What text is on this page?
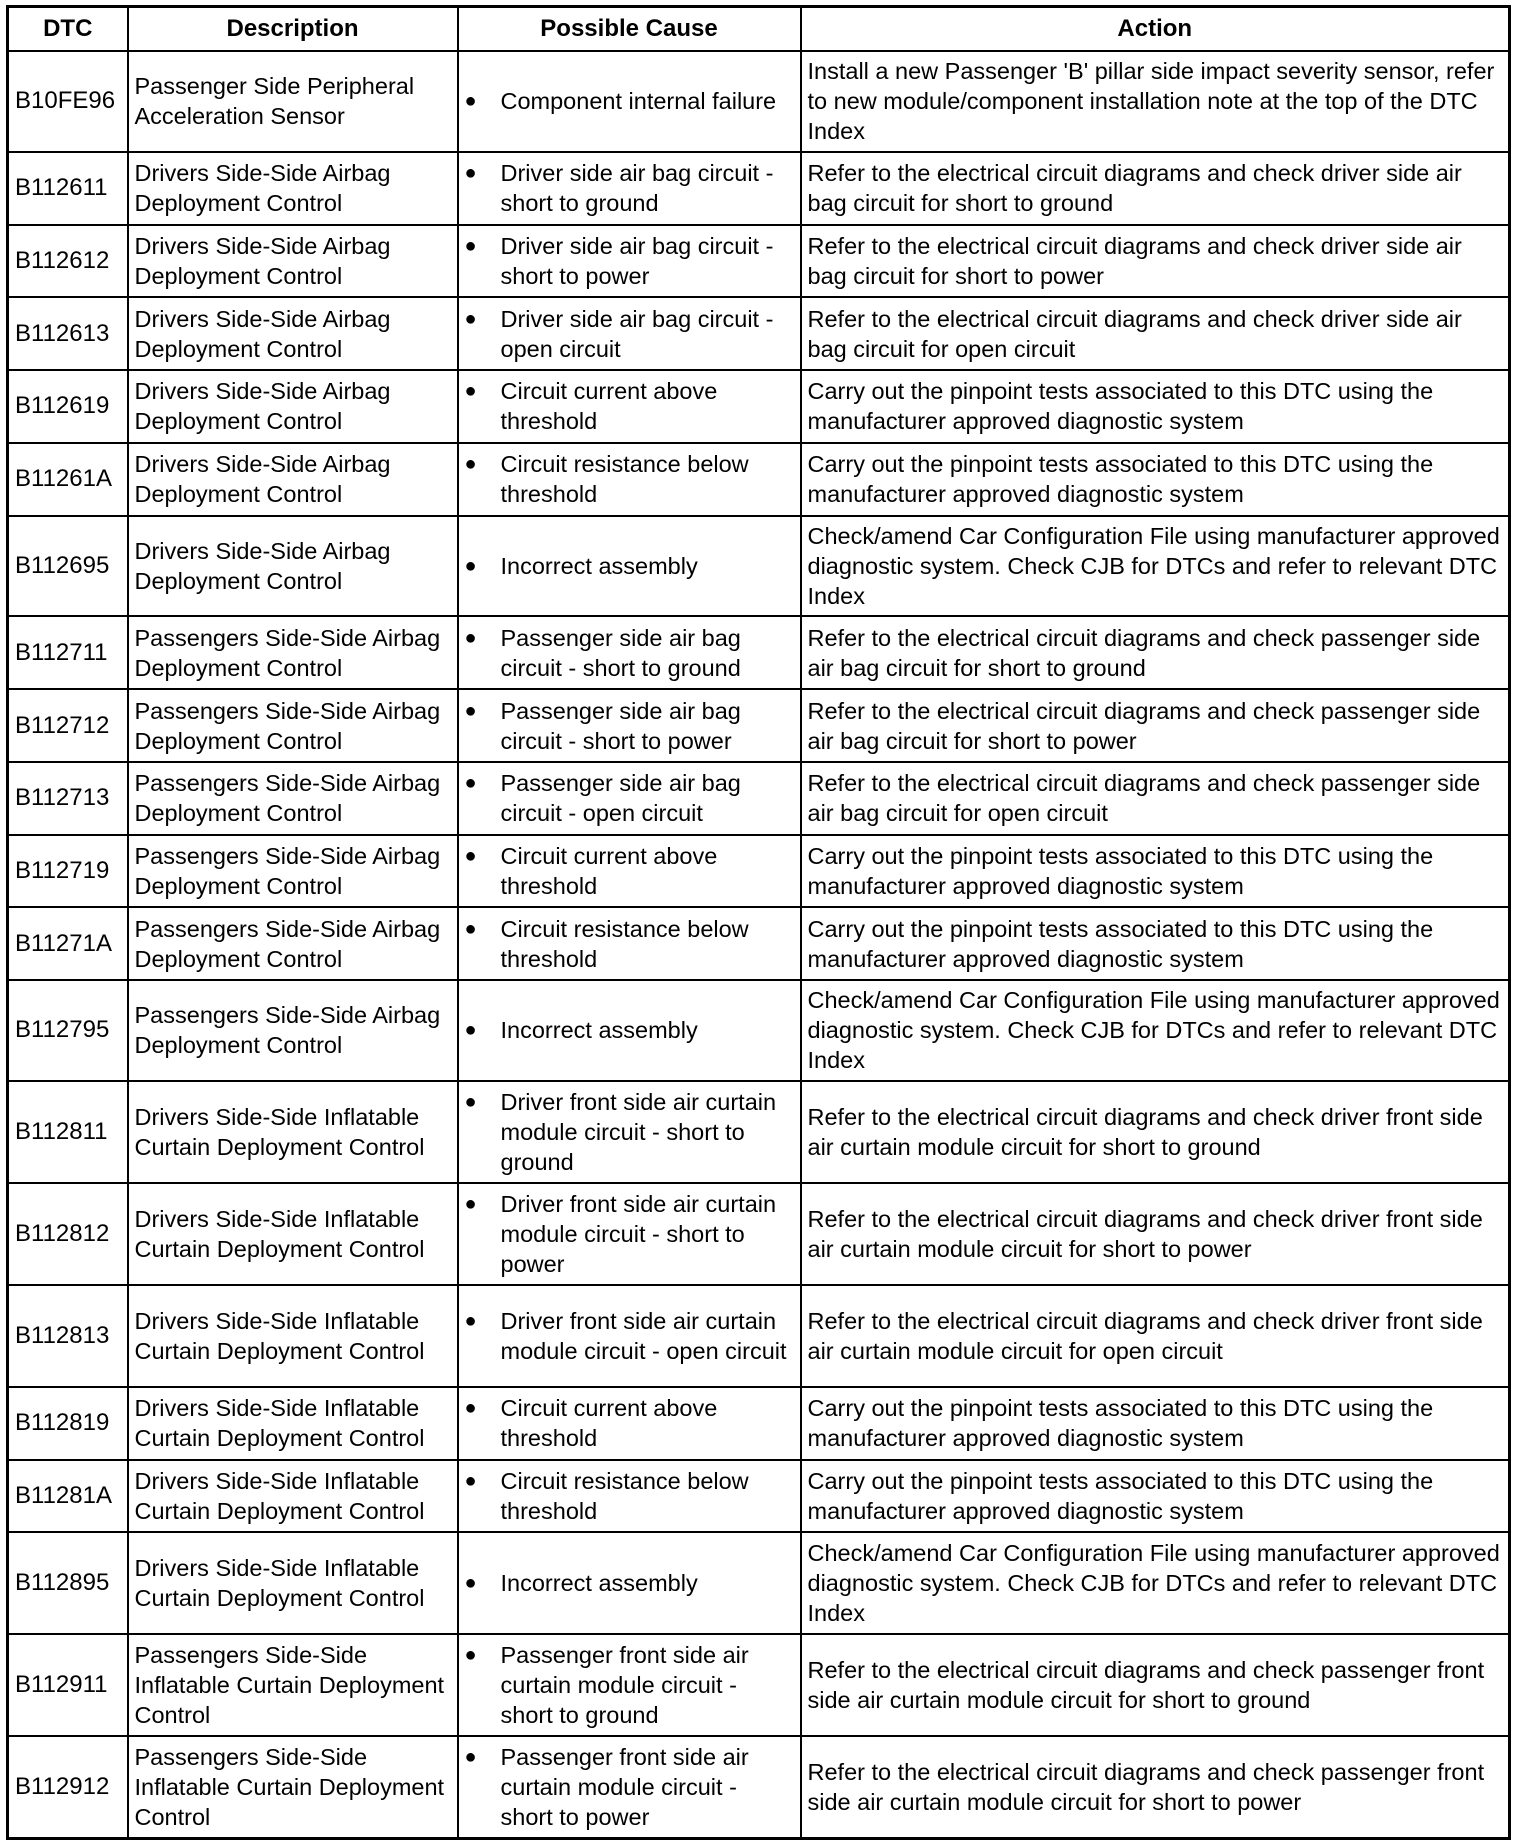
DTC	Description	Possible Cause	Action
B10FE96	Passenger Side Peripheral Acceleration Sensor	● Component internal failure	Install a new Passenger 'B' pillar side impact severity sensor, refer to new module/component installation note at the top of the DTC Index
B112611	Drivers Side-Side Airbag Deployment Control	● Driver side air bag circuit - short to ground	Refer to the electrical circuit diagrams and check driver side air bag circuit for short to ground
B112612	Drivers Side-Side Airbag Deployment Control	● Driver side air bag circuit - short to power	Refer to the electrical circuit diagrams and check driver side air bag circuit for short to power
B112613	Drivers Side-Side Airbag Deployment Control	● Driver side air bag circuit - open circuit	Refer to the electrical circuit diagrams and check driver side air bag circuit for open circuit
B112619	Drivers Side-Side Airbag Deployment Control	● Circuit current above threshold	Carry out the pinpoint tests associated to this DTC using the manufacturer approved diagnostic system
B11261A	Drivers Side-Side Airbag Deployment Control	● Circuit resistance below threshold	Carry out the pinpoint tests associated to this DTC using the manufacturer approved diagnostic system
B112695	Drivers Side-Side Airbag Deployment Control	● Incorrect assembly	Check/amend Car Configuration File using manufacturer approved diagnostic system. Check CJB for DTCs and refer to relevant DTC Index
B112711	Passengers Side-Side Airbag Deployment Control	● Passenger side air bag circuit - short to ground	Refer to the electrical circuit diagrams and check passenger side air bag circuit for short to ground
B112712	Passengers Side-Side Airbag Deployment Control	● Passenger side air bag circuit - short to power	Refer to the electrical circuit diagrams and check passenger side air bag circuit for short to power
B112713	Passengers Side-Side Airbag Deployment Control	● Passenger side air bag circuit - open circuit	Refer to the electrical circuit diagrams and check passenger side air bag circuit for open circuit
B112719	Passengers Side-Side Airbag Deployment Control	● Circuit current above threshold	Carry out the pinpoint tests associated to this DTC using the manufacturer approved diagnostic system
B11271A	Passengers Side-Side Airbag Deployment Control	● Circuit resistance below threshold	Carry out the pinpoint tests associated to this DTC using the manufacturer approved diagnostic system
B112795	Passengers Side-Side Airbag Deployment Control	● Incorrect assembly	Check/amend Car Configuration File using manufacturer approved diagnostic system. Check CJB for DTCs and refer to relevant DTC Index
B112811	Drivers Side-Side Inflatable Curtain Deployment Control	● Driver front side air curtain module circuit - short to ground	Refer to the electrical circuit diagrams and check driver front side air curtain module circuit for short to ground
B112812	Drivers Side-Side Inflatable Curtain Deployment Control	● Driver front side air curtain module circuit - short to power	Refer to the electrical circuit diagrams and check driver front side air curtain module circuit for short to power
B112813	Drivers Side-Side Inflatable Curtain Deployment Control	● Driver front side air curtain module circuit - open circuit	Refer to the electrical circuit diagrams and check driver front side air curtain module circuit for open circuit
B112819	Drivers Side-Side Inflatable Curtain Deployment Control	● Circuit current above threshold	Carry out the pinpoint tests associated to this DTC using the manufacturer approved diagnostic system
B11281A	Drivers Side-Side Inflatable Curtain Deployment Control	● Circuit resistance below threshold	Carry out the pinpoint tests associated to this DTC using the manufacturer approved diagnostic system
B112895	Drivers Side-Side Inflatable Curtain Deployment Control	● Incorrect assembly	Check/amend Car Configuration File using manufacturer approved diagnostic system. Check CJB for DTCs and refer to relevant DTC Index
B112911	Passengers Side-Side Inflatable Curtain Deployment Control	● Passenger front side air curtain module circuit - short to ground	Refer to the electrical circuit diagrams and check passenger front side air curtain module circuit for short to ground
B112912	Passengers Side-Side Inflatable Curtain Deployment Control	● Passenger front side air curtain module circuit - short to power	Refer to the electrical circuit diagrams and check passenger front side air curtain module circuit for short to power
